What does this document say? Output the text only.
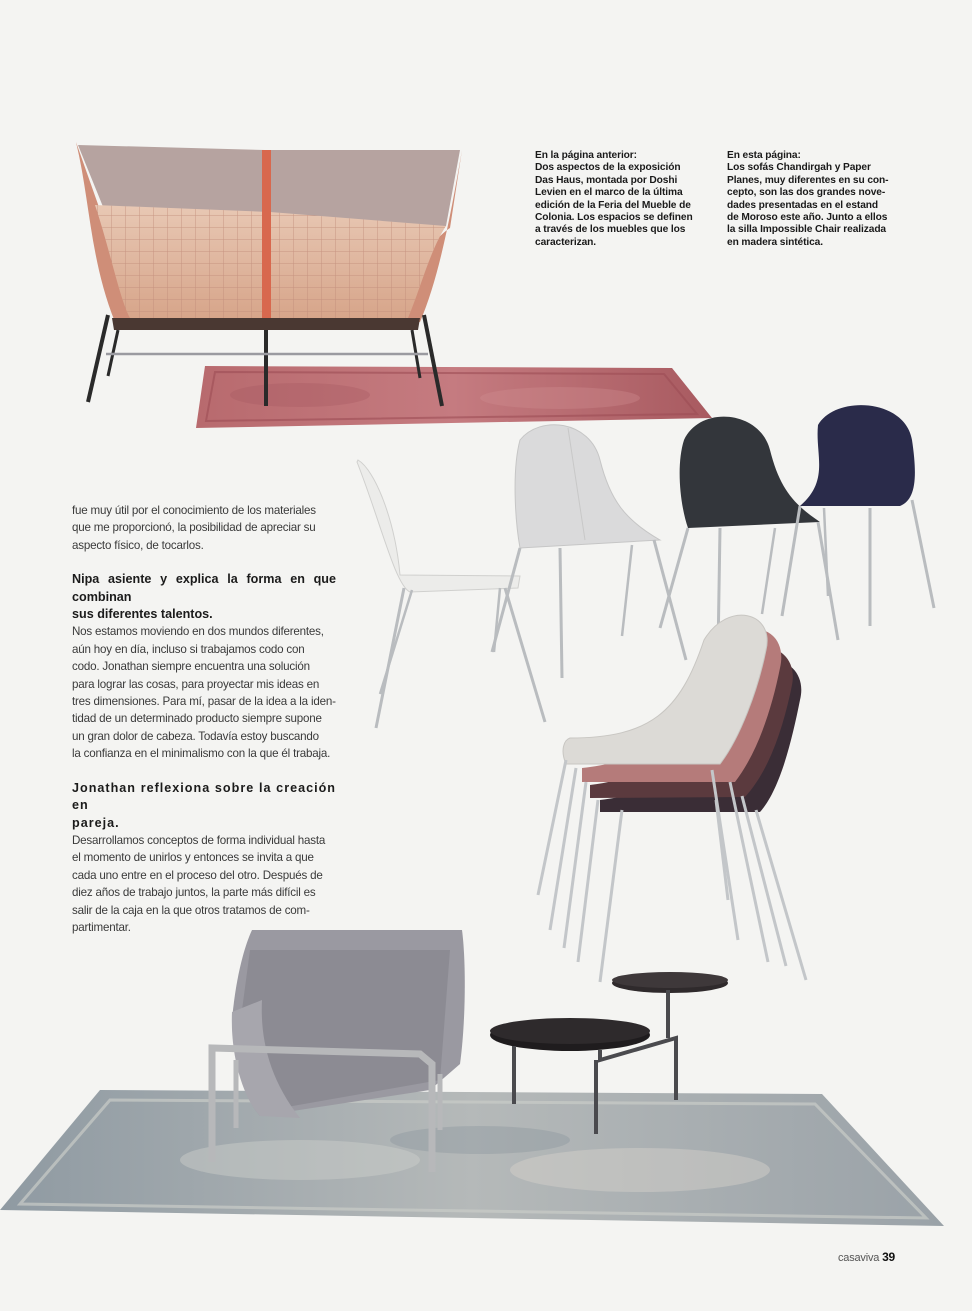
En la página anterior:
Dos aspectos de la exposición
Das Haus, montada por Doshi
Levien en el marco de la última
edición de la Feria del Mueble de
Colonia. Los espacios se definen
a través de los muebles que los
caracterizan.
En esta página:
Los sofás Chandirgah y Paper
Planes, muy diferentes en su con-
cepto, son las dos grandes nove-
dades presentadas en el estand
de Moroso este año. Junto a ellos
la silla Impossible Chair realizada
en madera sintética.

fue muy útil por el conocimiento de los materiales
que me proporcionó, la posibilidad de apreciar su
aspecto físico, de tocarlos.

Nipa asiente y explica la forma en que combinan
sus diferentes talentos.

Nos estamos moviendo en dos mundos diferentes,
aún hoy en día, incluso si trabajamos codo con
codo. Jonathan siempre encuentra una solución
para lograr las cosas, para proyectar mis ideas en
tres dimensiones. Para mí, pasar de la idea a la iden-
tidad de un determinado producto siempre supone
un gran dolor de cabeza. Todavía estoy buscando
la confianza en el minimalismo con la que él trabaja.

Jonathan reflexiona sobre la creación en
pareja.

Desarrollamos conceptos de forma individual hasta
el momento de unirlos y entonces se invita a que
cada uno entre en el proceso del otro. Después de
diez años de trabajo juntos, la parte más difícil es
salir de la caja en la que otros tratamos de com-
partimentar.

casaviva 39
